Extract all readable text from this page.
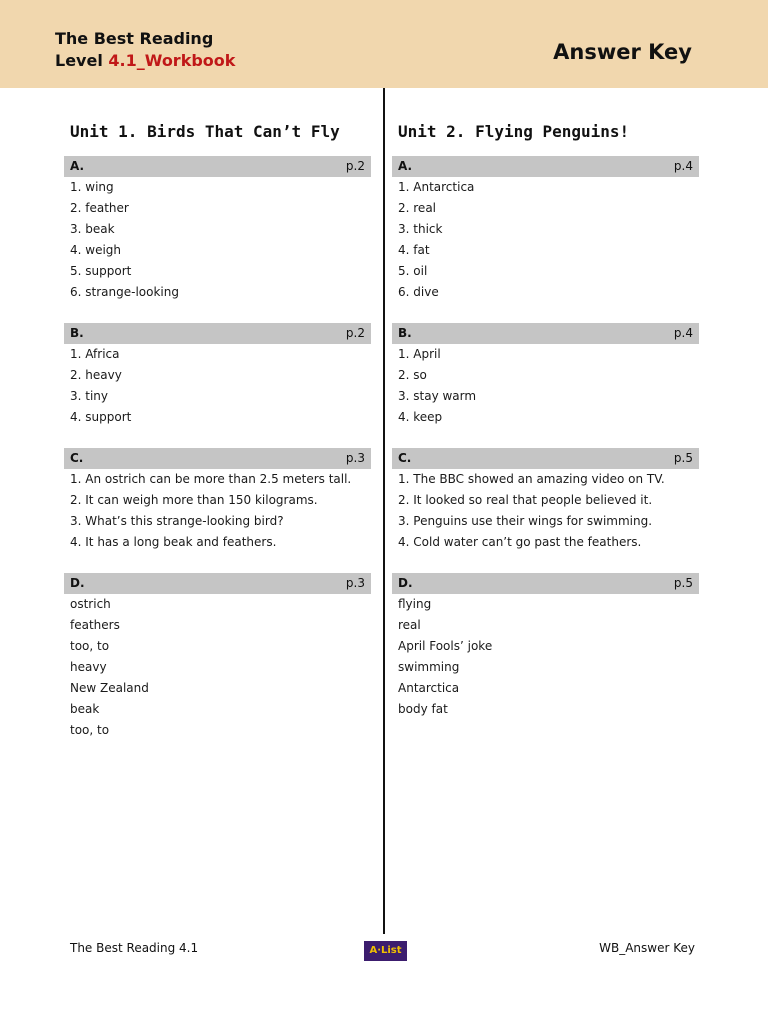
The Best Reading
Level 4.1_Workbook	Answer Key
Unit 1. Birds That Can’t Fly
A.	p.2
1. wing
2. feather
3. beak
4. weigh
5. support
6. strange-looking
B.	p.2
1. Africa
2. heavy
3. tiny
4. support
C.	p.3
1. An ostrich can be more than 2.5 meters tall.
2. It can weigh more than 150 kilograms.
3. What’s this strange-looking bird?
4. It has a long beak and feathers.
D.	p.3
ostrich
feathers
too, to
heavy
New Zealand
beak
too, to
Unit 2. Flying Penguins!
A.	p.4
1. Antarctica
2. real
3. thick
4. fat
5. oil
6. dive
B.	p.4
1. April
2. so
3. stay warm
4. keep
C.	p.5
1. The BBC showed an amazing video on TV.
2. It looked so real that people believed it.
3. Penguins use their wings for swimming.
4. Cold water can’t go past the feathers.
D.	p.5
flying
real
April Fools’ joke
swimming
Antarctica
body fat
The Best Reading 4.1	A·List	WB_Answer Key
